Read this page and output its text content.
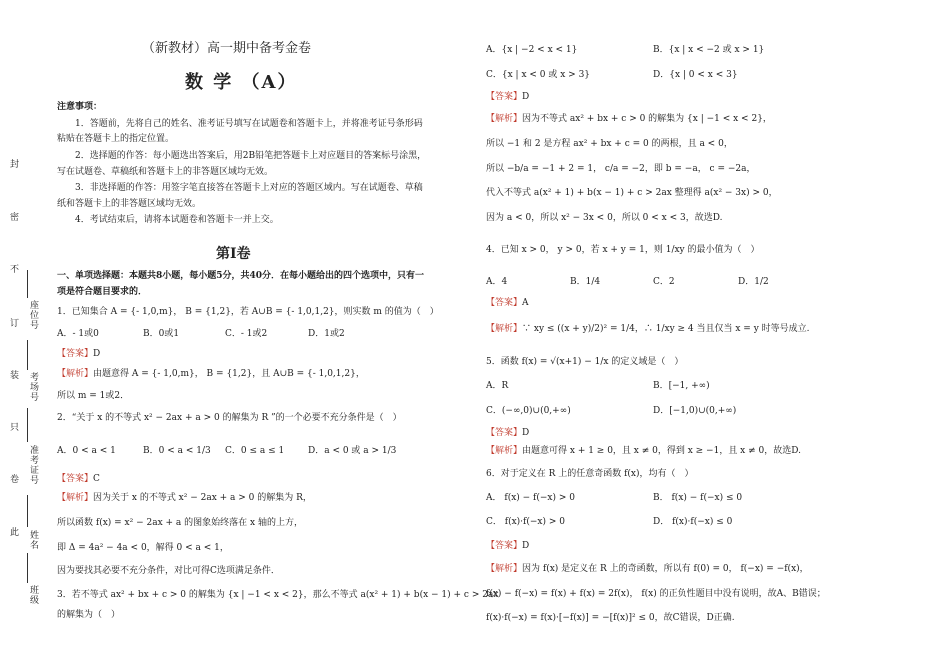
封
密
不
订
装
只
卷
此
座位号
考场号
准考证号
姓名
班级
（新教材）高一期中备考金卷
数 学 （A）
注意事项：
1．答题前，先将自己的姓名、准考证号填写在试题卷和答题卡上，并将准考证号条形码
粘贴在答题卡上的指定位置。
2．选择题的作答：每小题选出答案后，用2B铅笔把答题卡上对应题目的答案标号涂黑，
写在试题卷、草稿纸和答题卡上的非答题区域均无效。
3．非选择题的作答：用签字笔直接答在答题卡上对应的答题区域内。写在试题卷、草稿
纸和答题卡上的非答题区域均无效。
4．考试结束后，请将本试题卷和答题卡一并上交。
第Ⅰ卷
一、单项选择题：本题共8小题，每小题5分，共40分．在每小题给出的四个选项中，只有一
项是符合题目要求的．
1．已知集合 A = {- 1,0,m}， B = {1,2}，若 A∪B = {- 1,0,1,2}，则实数 m 的值为（　）
A．- 1或0	B．0或1	C．- 1或2	D．1或2
【答案】D
【解析】由题意得 A = {- 1,0,m}， B = {1,2}，且 A∪B = {- 1,0,1,2}，
所以 m = 1或2．
2．“关于 x 的不等式 x² − 2ax + a > 0 的解集为 R ”的一个必要不充分条件是（　）
A．0 < a < 1	B．0 < a < 1/3 C．0 ≤ a ≤ 1	D．a < 0 或 a > 1/3
【答案】C
【解析】因为关于 x 的不等式 x² − 2ax + a > 0 的解集为 R，
所以函数 f(x) = x² − 2ax + a 的图象始终落在 x 轴的上方，
即 Δ = 4a² − 4a < 0，解得 0 < a < 1，
因为要找其必要不充分条件，对比可得C选项满足条件．
3．若不等式 ax² + bx + c > 0 的解集为 {x | −1 < x < 2}，那么不等式 a(x² + 1) + b(x − 1) + c > 2ax
的解集为（　）
A．{x | −2 < x < 1}	B．{x | x < −2 或 x > 1}
C．{x | x < 0 或 x > 3}	D．{x | 0 < x < 3}
【答案】D
【解析】因为不等式 ax² + bx + c > 0 的解集为 {x | −1 < x < 2}，
所以 −1 和 2 是方程 ax² + bx + c = 0 的两根，且 a < 0，
所以 −b/a = −1 + 2 = 1， c/a = −2，即 b = −a， c = −2a，
代入不等式 a(x² + 1) + b(x − 1) + c > 2ax 整理得 a(x² − 3x) > 0，
因为 a < 0，所以 x² − 3x < 0，所以 0 < x < 3，故选D.
4．已知 x > 0， y > 0，若 x + y = 1，则 1/xy 的最小值为（　）
A．4	B．1/4	C．2	D．1/2
【答案】A
【解析】∵ xy ≤ ((x + y)/2)² = 1/4，∴ 1/xy ≥ 4 当且仅当 x = y 时等号成立.
5．函数 f(x) = √(x+1) − 1/x 的定义域是（　）
A．R	B．[−1, +∞)
C．(−∞,0)∪(0,+∞)	D．[−1,0)∪(0,+∞)
【答案】D
【解析】由题意可得 x + 1 ≥ 0，且 x ≠ 0，得到 x ≥ −1，且 x ≠ 0，故选D.
6．对于定义在 R 上的任意奇函数 f(x)，均有（　）
A． f(x) − f(−x) > 0	B． f(x) − f(−x) ≤ 0
C． f(x)·f(−x) > 0	D． f(x)·f(−x) ≤ 0
【答案】D
【解析】因为 f(x) 是定义在 R 上的奇函数，所以有 f(0) = 0， f(−x) = −f(x)，
f(x) − f(−x) = f(x) + f(x) = 2f(x)， f(x) 的正负性题目中没有说明，故A、B错误；
f(x)·f(−x) = f(x)·[−f(x)] = −[f(x)]² ≤ 0，故C错误，D正确.
